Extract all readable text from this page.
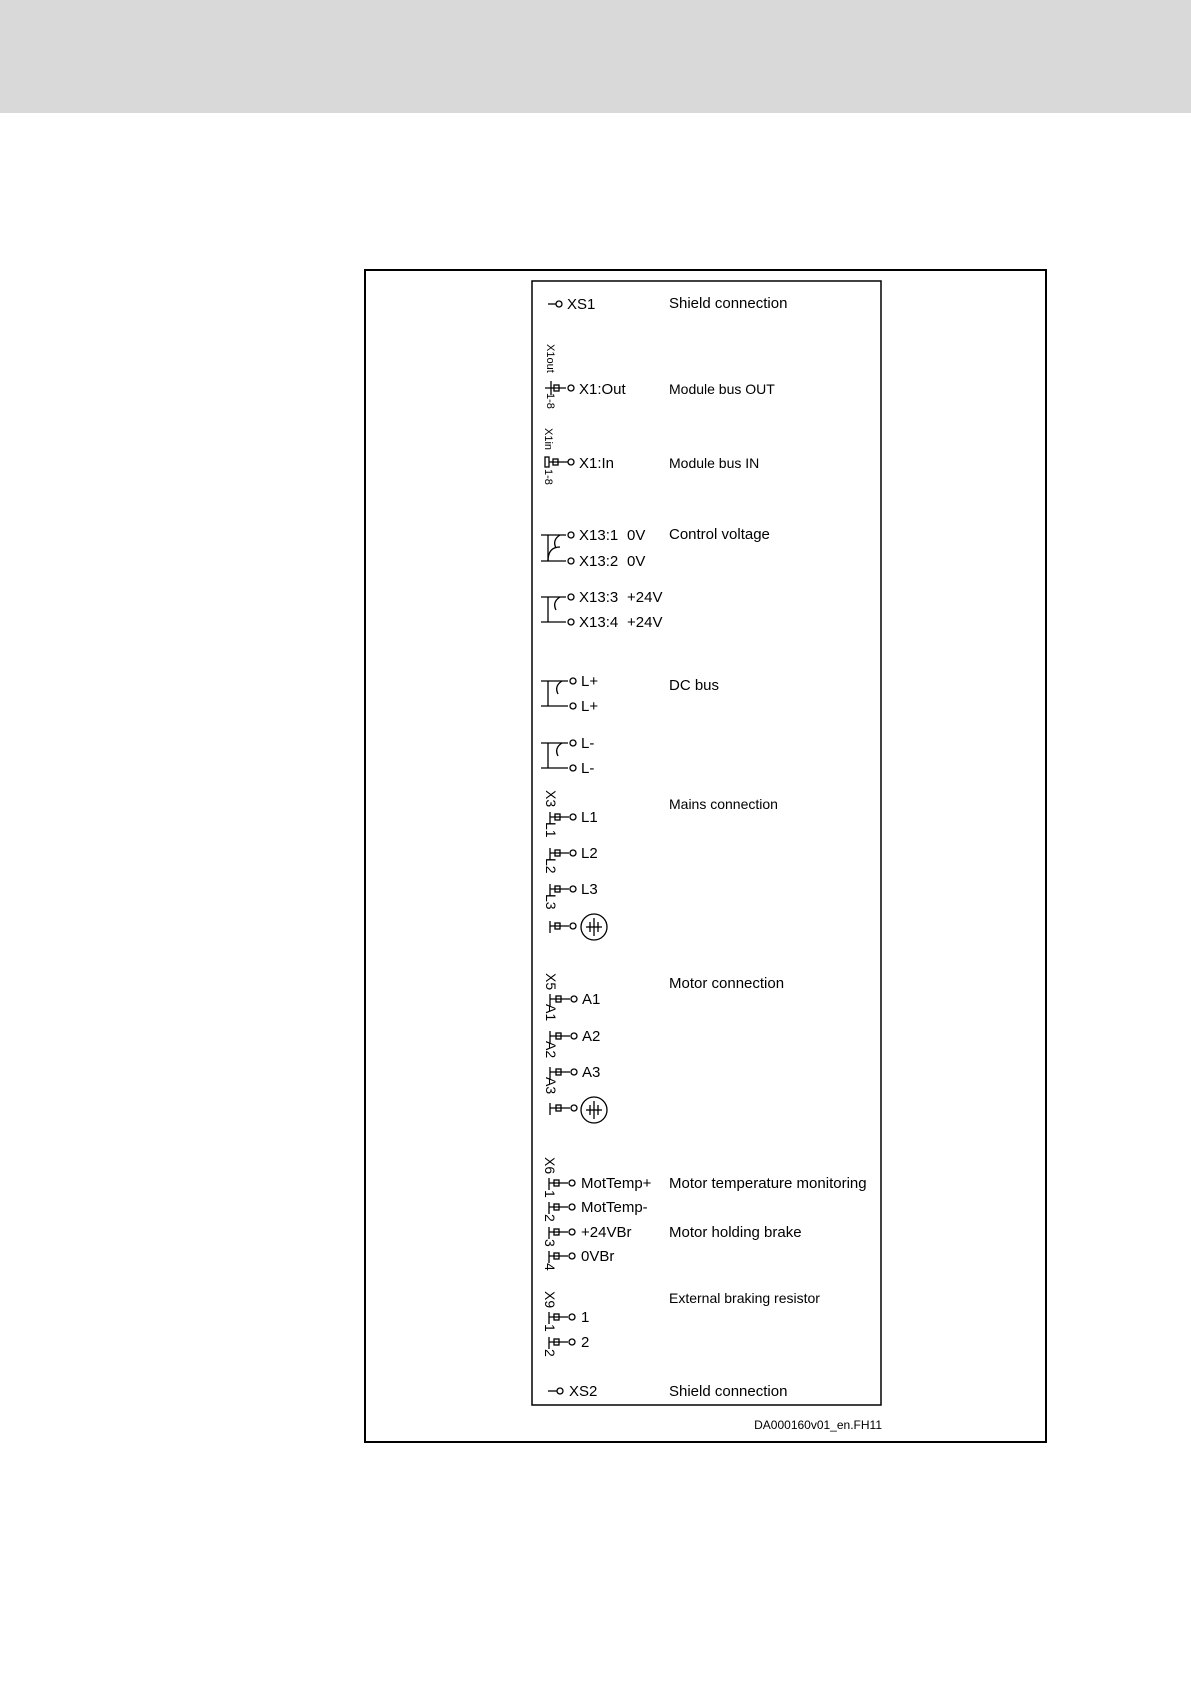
XS1
X1:Out
X1:In
X13:1 0V
X13:2 0V
X13:3 +24V
X13:4 +24V
L+
L+
L-
L-
L1
L2
L3
A1
A2
A3
MotTemp+
MotTemp-
+24VBr
0VBr
1
2
XS2
Shield connection
Module bus OUT
Module bus IN
Control voltage
DC bus
Mains connection
Motor connection
Motor temperature monitoring
Motor holding brake
External braking resistor
Shield connection
X1out
1-8
X1in
1-8
X3
L1
L2
L3
X5
A1
A2
A3
X6
1
2
3
4
X9
1
2
DA000160v01_en.FH11
